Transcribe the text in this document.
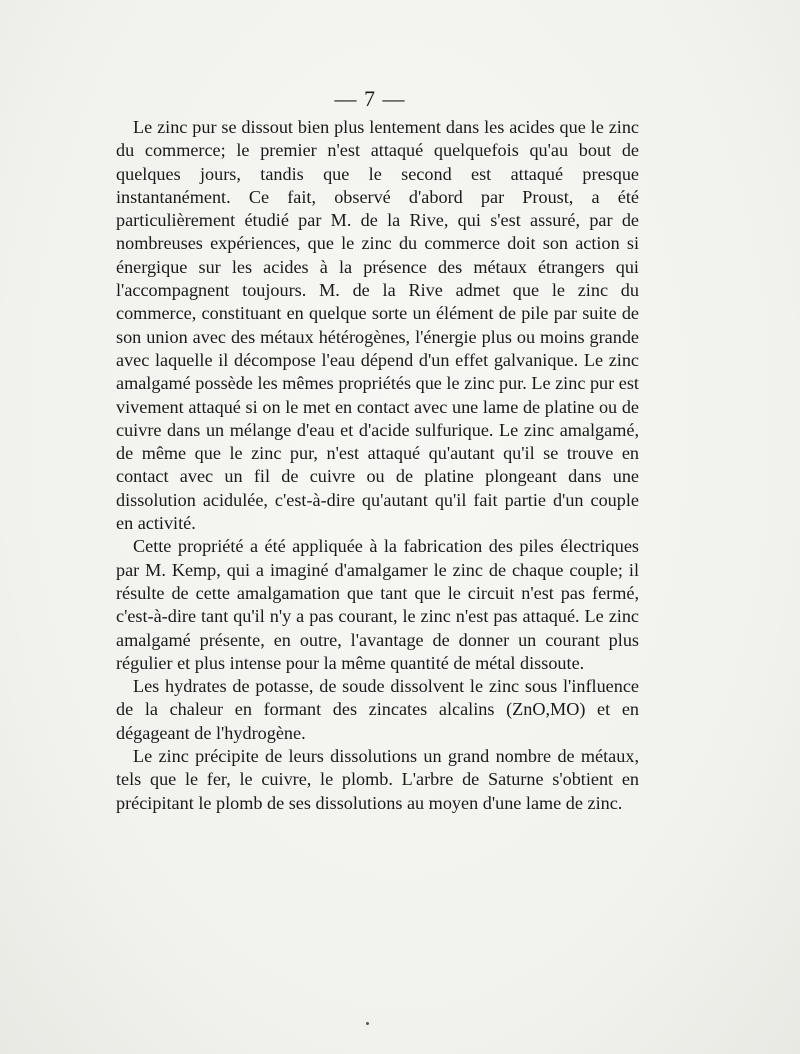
— 7 —

Le zinc pur se dissout bien plus lentement dans les acides que le zinc du commerce; le premier n'est attaqué quelquefois qu'au bout de quelques jours, tandis que le second est attaqué presque instantanément. Ce fait, observé d'abord par Proust, a été particulièrement étudié par M. de la Rive, qui s'est assuré, par de nombreuses expériences, que le zinc du commerce doit son action si énergique sur les acides à la présence des métaux étrangers qui l'accompagnent toujours. M. de la Rive admet que le zinc du commerce, constituant en quelque sorte un élément de pile par suite de son union avec des métaux hétérogènes, l'énergie plus ou moins grande avec laquelle il décompose l'eau dépend d'un effet galvanique. Le zinc amalgamé possède les mêmes propriétés que le zinc pur. Le zinc pur est vivement attaqué si on le met en contact avec une lame de platine ou de cuivre dans un mélange d'eau et d'acide sulfurique. Le zinc amalgamé, de même que le zinc pur, n'est attaqué qu'autant qu'il se trouve en contact avec un fil de cuivre ou de platine plongeant dans une dissolution acidulée, c'est-à-dire qu'autant qu'il fait partie d'un couple en activité.

Cette propriété a été appliquée à la fabrication des piles électriques par M. Kemp, qui a imaginé d'amalgamer le zinc de chaque couple; il résulte de cette amalgamation que tant que le circuit n'est pas fermé, c'est-à-dire tant qu'il n'y a pas courant, le zinc n'est pas attaqué. Le zinc amalgamé présente, en outre, l'avantage de donner un courant plus régulier et plus intense pour la même quantité de métal dissoute.

Les hydrates de potasse, de soude dissolvent le zinc sous l'influence de la chaleur en formant des zincates alcalins (ZnO,MO) et en dégageant de l'hydrogène.

Le zinc précipite de leurs dissolutions un grand nombre de métaux, tels que le fer, le cuivre, le plomb. L'arbre de Saturne s'obtient en précipitant le plomb de ses dissolutions au moyen d'une lame de zinc.
